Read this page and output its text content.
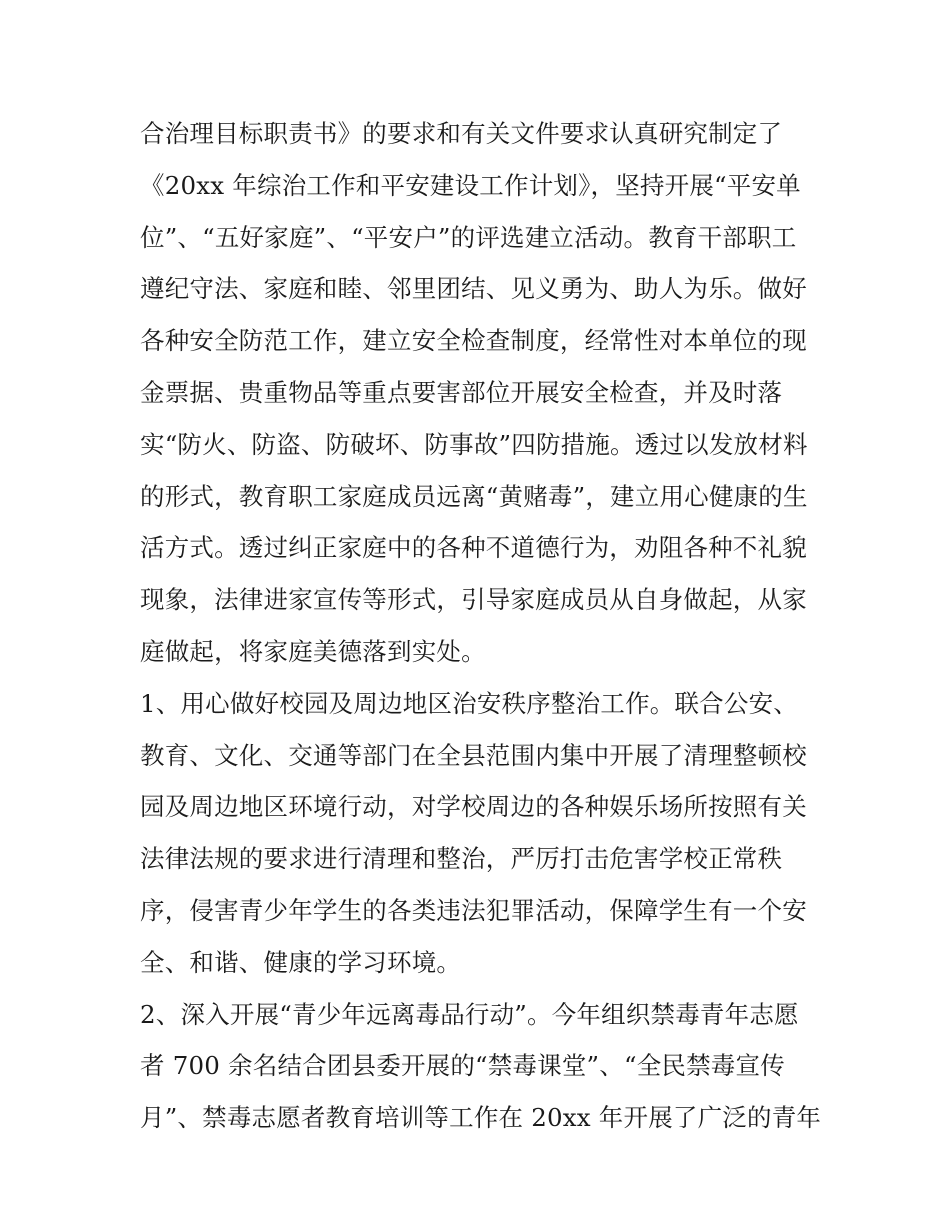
合治理目标职责书》的要求和有关文件要求认真研究制定了
《20xx 年综治工作和平安建设工作计划》，坚持开展“平安单
位”、“五好家庭”、“平安户”的评选建立活动。教育干部职工
遵纪守法、家庭和睦、邻里团结、见义勇为、助人为乐。做好
各种安全防范工作，建立安全检查制度，经常性对本单位的现
金票据、贵重物品等重点要害部位开展安全检查，并及时落
实“防火、防盗、防破坏、防事故”四防措施。透过以发放材料
的形式，教育职工家庭成员远离“黄赌毒”，建立用心健康的生
活方式。透过纠正家庭中的各种不道德行为，劝阻各种不礼貌
现象，法律进家宣传等形式，引导家庭成员从自身做起，从家
庭做起，将家庭美德落到实处。
1、用心做好校园及周边地区治安秩序整治工作。联合公安、
教育、文化、交通等部门在全县范围内集中开展了清理整顿校
园及周边地区环境行动，对学校周边的各种娱乐场所按照有关
法律法规的要求进行清理和整治，严厉打击危害学校正常秩
序，侵害青少年学生的各类违法犯罪活动，保障学生有一个安
全、和谐、健康的学习环境。
2、深入开展“青少年远离毒品行动”。今年组织禁毒青年志愿
者 700 余名结合团县委开展的“禁毒课堂”、“全民禁毒宣传
月”、禁毒志愿者教育培训等工作在 20xx 年开展了广泛的青年
